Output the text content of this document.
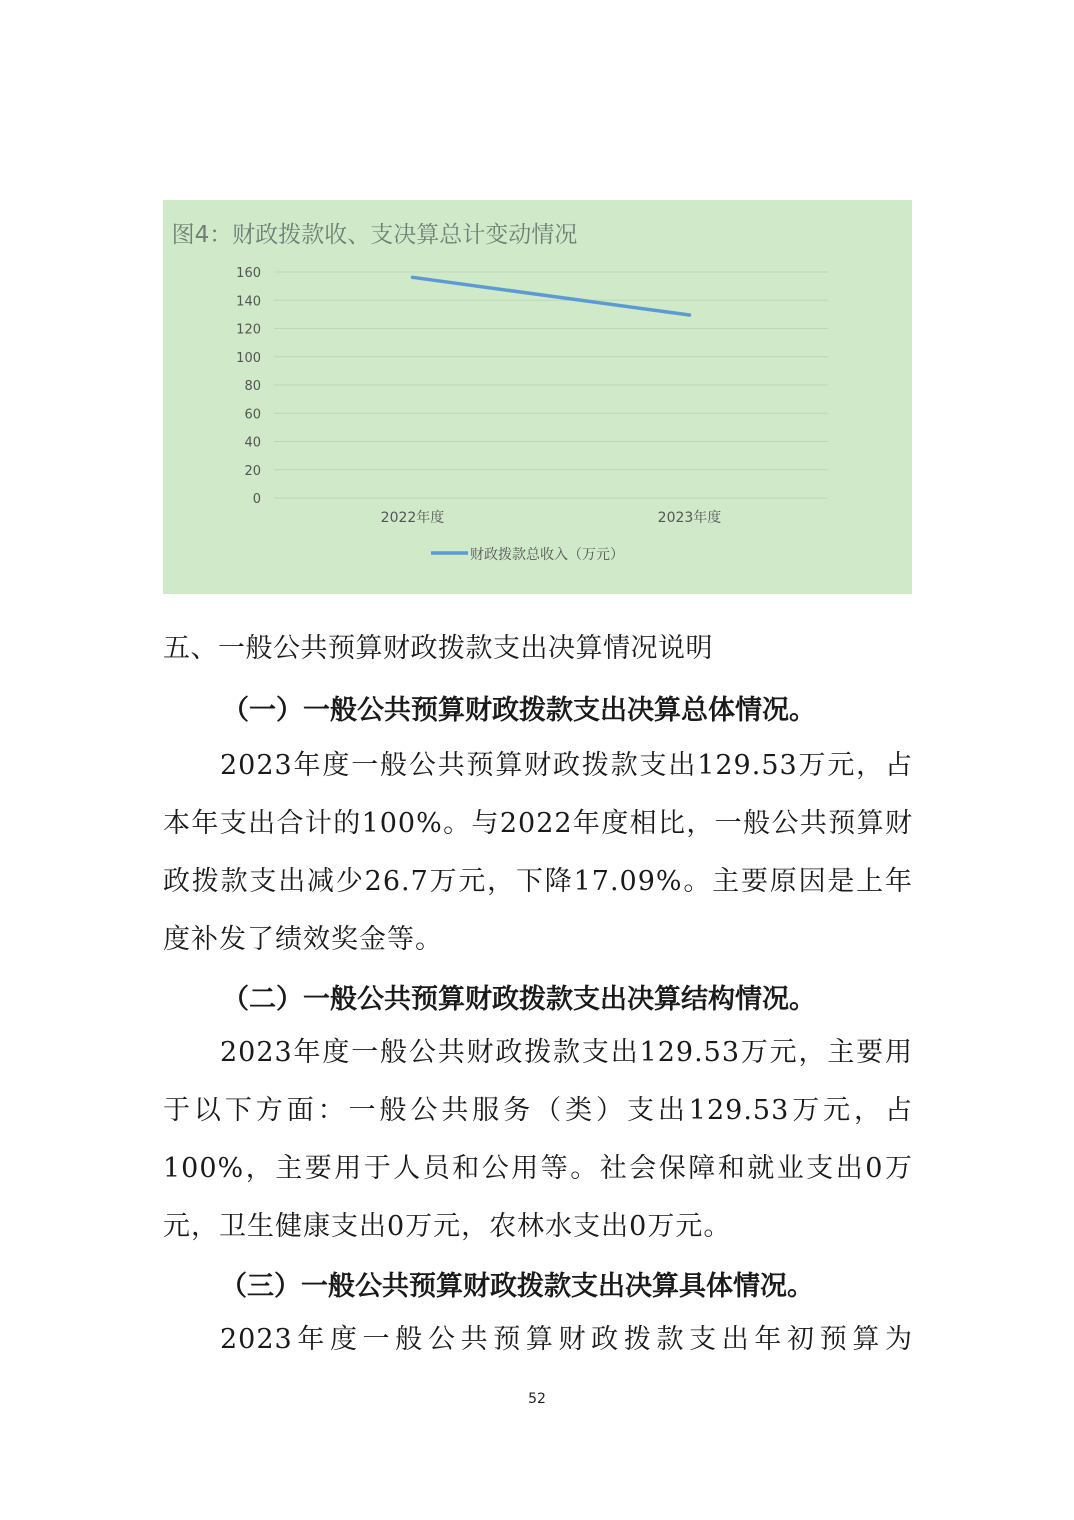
0
20
40
60
80
100
120
140
160
2022年度	2023年度
财政拨款总收入（万元）
图4：财政拨款收、支决算总计变动情况
五、一般公共预算财政拨款支出决算情况说明
（一）一般公共预算财政拨款支出决算总体情况。
2023年度一般公共预算财政拨款支出129.53万元，占本年支出合计的100%。与2022年度相比，一般公共预算财政拨款支出减少26.7万元，下降17.09%。主要原因是上年度补发了绩效奖金等。
（二）一般公共预算财政拨款支出决算结构情况。
2023年度一般公共财政拨款支出129.53万元，主要用于以下方面：一般公共服务（类）支出129.53万元，占100%，主要用于人员和公用等。社会保障和就业支出0万元，卫生健康支出0万元，农林水支出0万元。
（三）一般公共预算财政拨款支出决算具体情况。
2023年度一般公共预算财政拨款支出年初预算为
52
